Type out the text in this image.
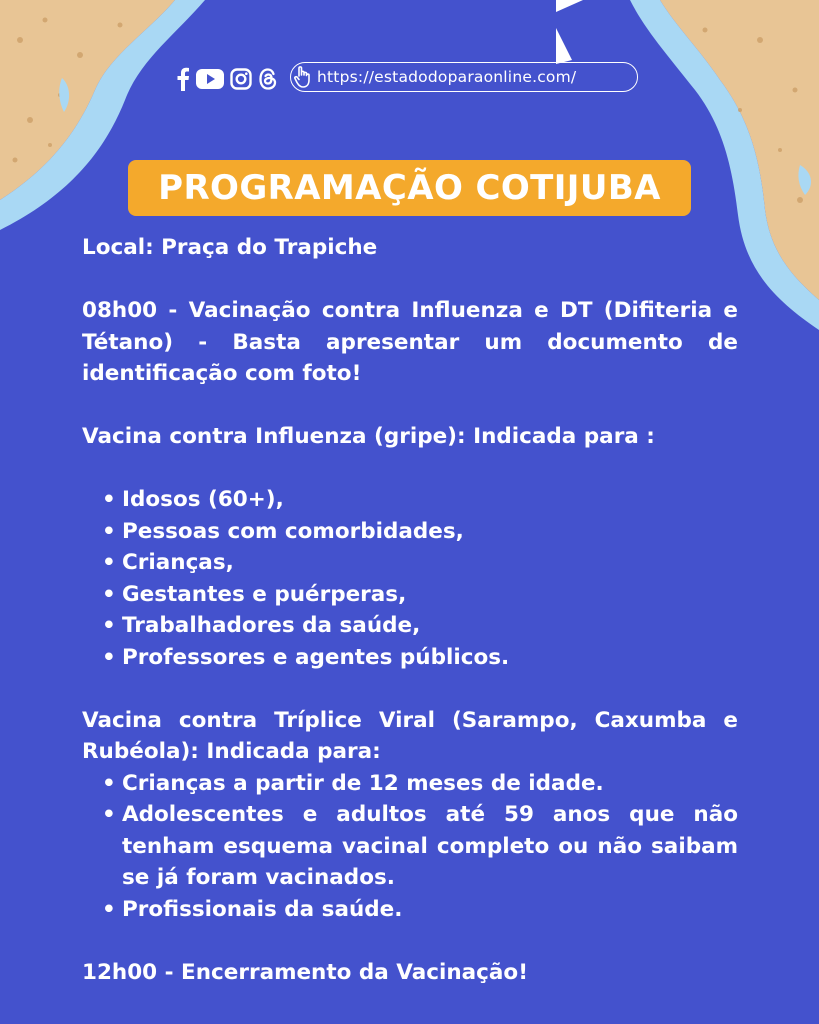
https://estadodoparaonline.com/
PROGRAMAÇÃO COTIJUBA

Local: Praça do Trapiche

08h00 - Vacinação contra Influenza e DT (Difiteria e Tétano) - Basta apresentar um documento de identificação com foto!

Vacina contra Influenza (gripe): Indicada para :

• Idosos (60+),
• Pessoas com comorbidades,
• Crianças,
• Gestantes e puérperas,
• Trabalhadores da saúde,
• Professores e agentes públicos.

Vacina contra Tríplice Viral (Sarampo, Caxumba e Rubéola): Indicada para:

• Crianças a partir de 12 meses de idade.
• Adolescentes e adultos até 59 anos que não tenham esquema vacinal completo ou não saibam se já foram vacinados.
• Profissionais da saúde.

12h00 - Encerramento da Vacinação!
